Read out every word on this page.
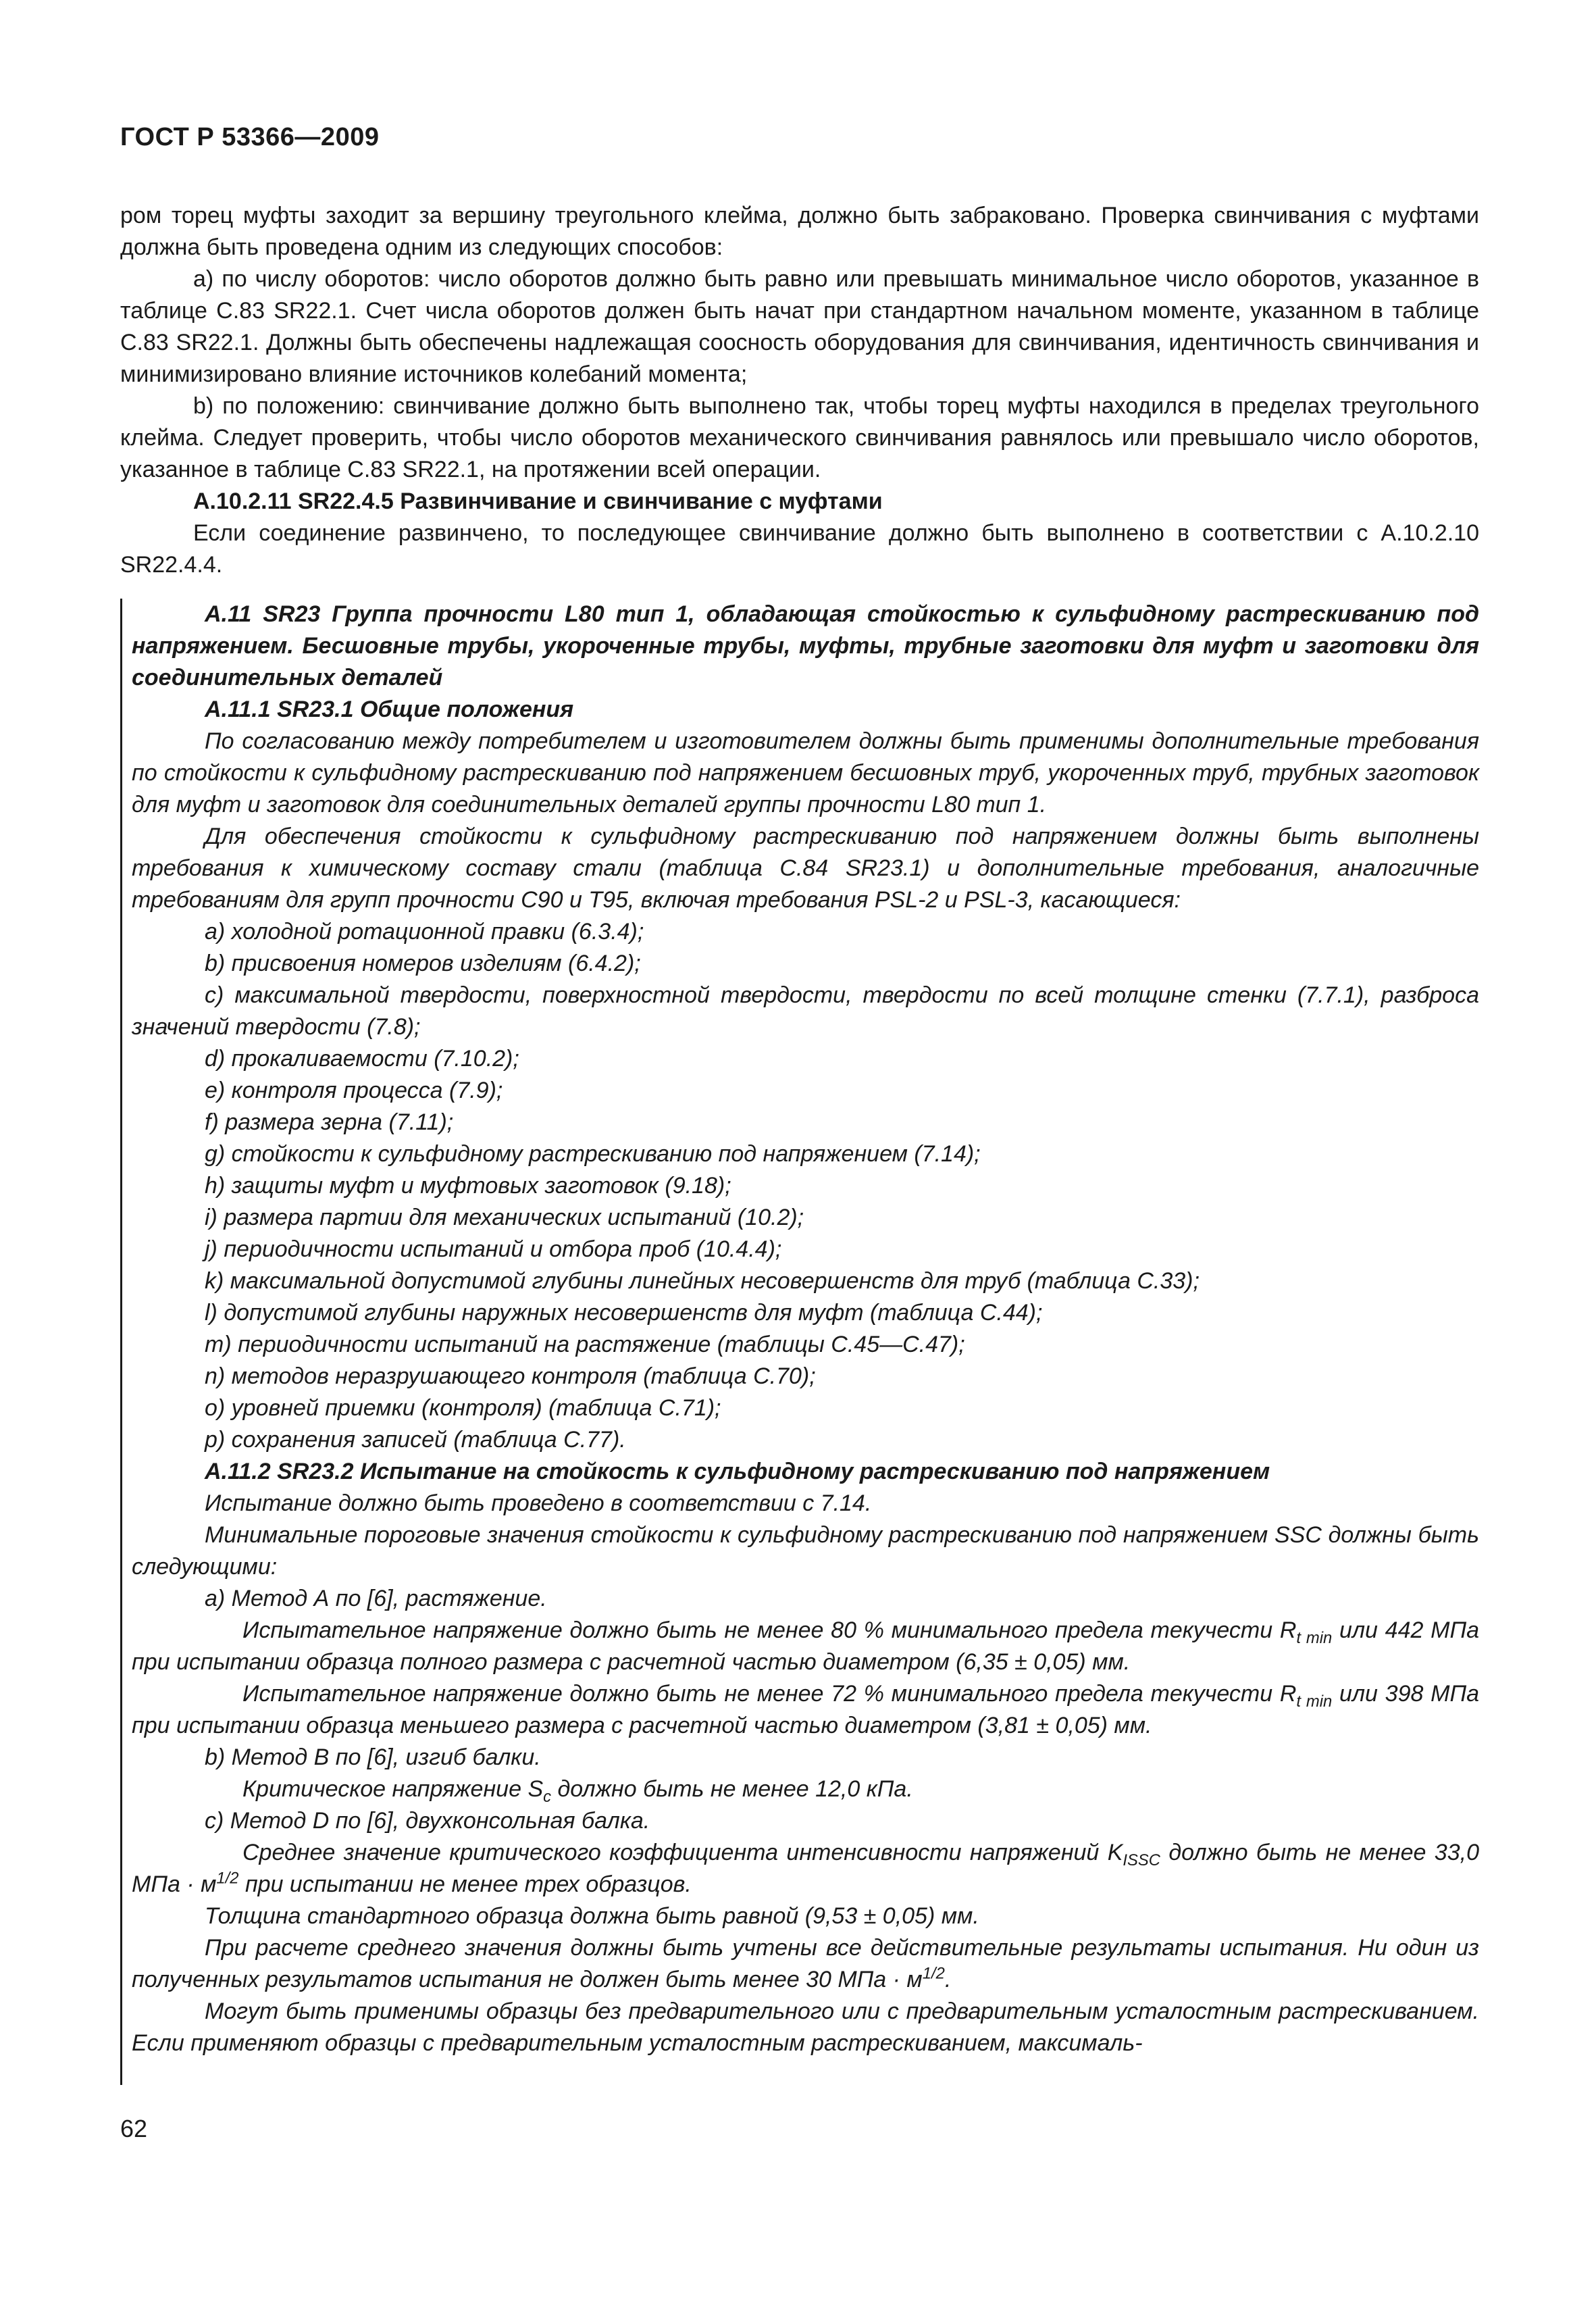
ГОСТ Р 53366—2009

ром торец муфты заходит за вершину треугольного клейма, должно быть забраковано. Проверка свинчивания с муфтами должна быть проведена одним из следующих способов:

а) по числу оборотов: число оборотов должно быть равно или превышать минимальное число оборотов, указанное в таблице С.83 SR22.1. Счет числа оборотов должен быть начат при стандартном начальном моменте, указанном в таблице С.83 SR22.1. Должны быть обеспечены надлежащая соосность оборудования для свинчивания, идентичность свинчивания и минимизировано влияние источников колебаний момента;

b) по положению: свинчивание должно быть выполнено так, чтобы торец муфты находился в пределах треугольного клейма. Следует проверить, чтобы число оборотов механического свинчивания равнялось или превышало число оборотов, указанное в таблице С.83 SR22.1, на протяжении всей операции.

А.10.2.11 SR22.4.5 Развинчивание и свинчивание с муфтами

Если соединение развинчено, то последующее свинчивание должно быть выполнено в соответствии с А.10.2.10 SR22.4.4.

А.11 SR23 Группа прочности L80 тип 1, обладающая стойкостью к сульфидному растрескиванию под напряжением. Бесшовные трубы, укороченные трубы, муфты, трубные заготовки для муфт и заготовки для соединительных деталей

А.11.1 SR23.1 Общие положения

По согласованию между потребителем и изготовителем должны быть применимы дополнительные требования по стойкости к сульфидному растрескиванию под напряжением бесшовных труб, укороченных труб, трубных заготовок для муфт и заготовок для соединительных деталей группы прочности L80 тип 1.

Для обеспечения стойкости к сульфидному растрескиванию под напряжением должны быть выполнены требования к химическому составу стали (таблица С.84 SR23.1) и дополнительные требования, аналогичные требованиям для групп прочности С90 и Т95, включая требования PSL-2 и PSL-3, касающиеся:

а) холодной ротационной правки (6.3.4);

b) присвоения номеров изделиям (6.4.2);

с) максимальной твердости, поверхностной твердости, твердости по всей толщине стенки (7.7.1), разброса значений твердости (7.8);

d) прокаливаемости (7.10.2);

е) контроля процесса (7.9);

f) размера зерна (7.11);

g) стойкости к сульфидному растрескиванию под напряжением (7.14);

h) защиты муфт и муфтовых заготовок (9.18);

i) размера партии для механических испытаний (10.2);

j) периодичности испытаний и отбора проб (10.4.4);

k) максимальной допустимой глубины линейных несовершенств для труб (таблица С.33);

l) допустимой глубины наружных несовершенств для муфт (таблица С.44);

m) периодичности испытаний на растяжение (таблицы С.45—С.47);

n) методов неразрушающего контроля (таблица С.70);

о) уровней приемки (контроля) (таблица С.71);

р) сохранения записей (таблица С.77).

А.11.2 SR23.2 Испытание на стойкость к сульфидному растрескиванию под напряжением

Испытание должно быть проведено в соответствии с 7.14.

Минимальные пороговые значения стойкости к сульфидному растрескиванию под напряжением SSC должны быть следующими:

а) Метод А по [6], растяжение.

Испытательное напряжение должно быть не менее 80 % минимального предела текучести $R_{t min}$ или 442 МПа при испытании образца полного размера с расчетной частью диаметром (6,35 ± 0,05) мм.

Испытательное напряжение должно быть не менее 72 % минимального предела текучести $R_{t min}$ или 398 МПа при испытании образца меньшего размера с расчетной частью диаметром (3,81 ± 0,05) мм.

b) Метод В по [6], изгиб балки.

Критическое напряжение $S_c$ должно быть не менее 12,0 кПа.

с) Метод D по [6], двухконсольная балка.

Среднее значение критического коэффициента интенсивности напряжений $K_{ISSC}$ должно быть не менее 33,0 МПа · $м^{1/2}$ при испытании не менее трех образцов.

Толщина стандартного образца должна быть равной (9,53 ± 0,05) мм.

При расчете среднего значения должны быть учтены все действительные результаты испытания. Ни один из полученных результатов испытания не должен быть менее 30 МПа · $м^{1/2}$.

Могут быть применимы образцы без предварительного или с предварительным усталостным растрескиванием. Если применяют образцы с предварительным усталостным растрескиванием, максималь-

62
